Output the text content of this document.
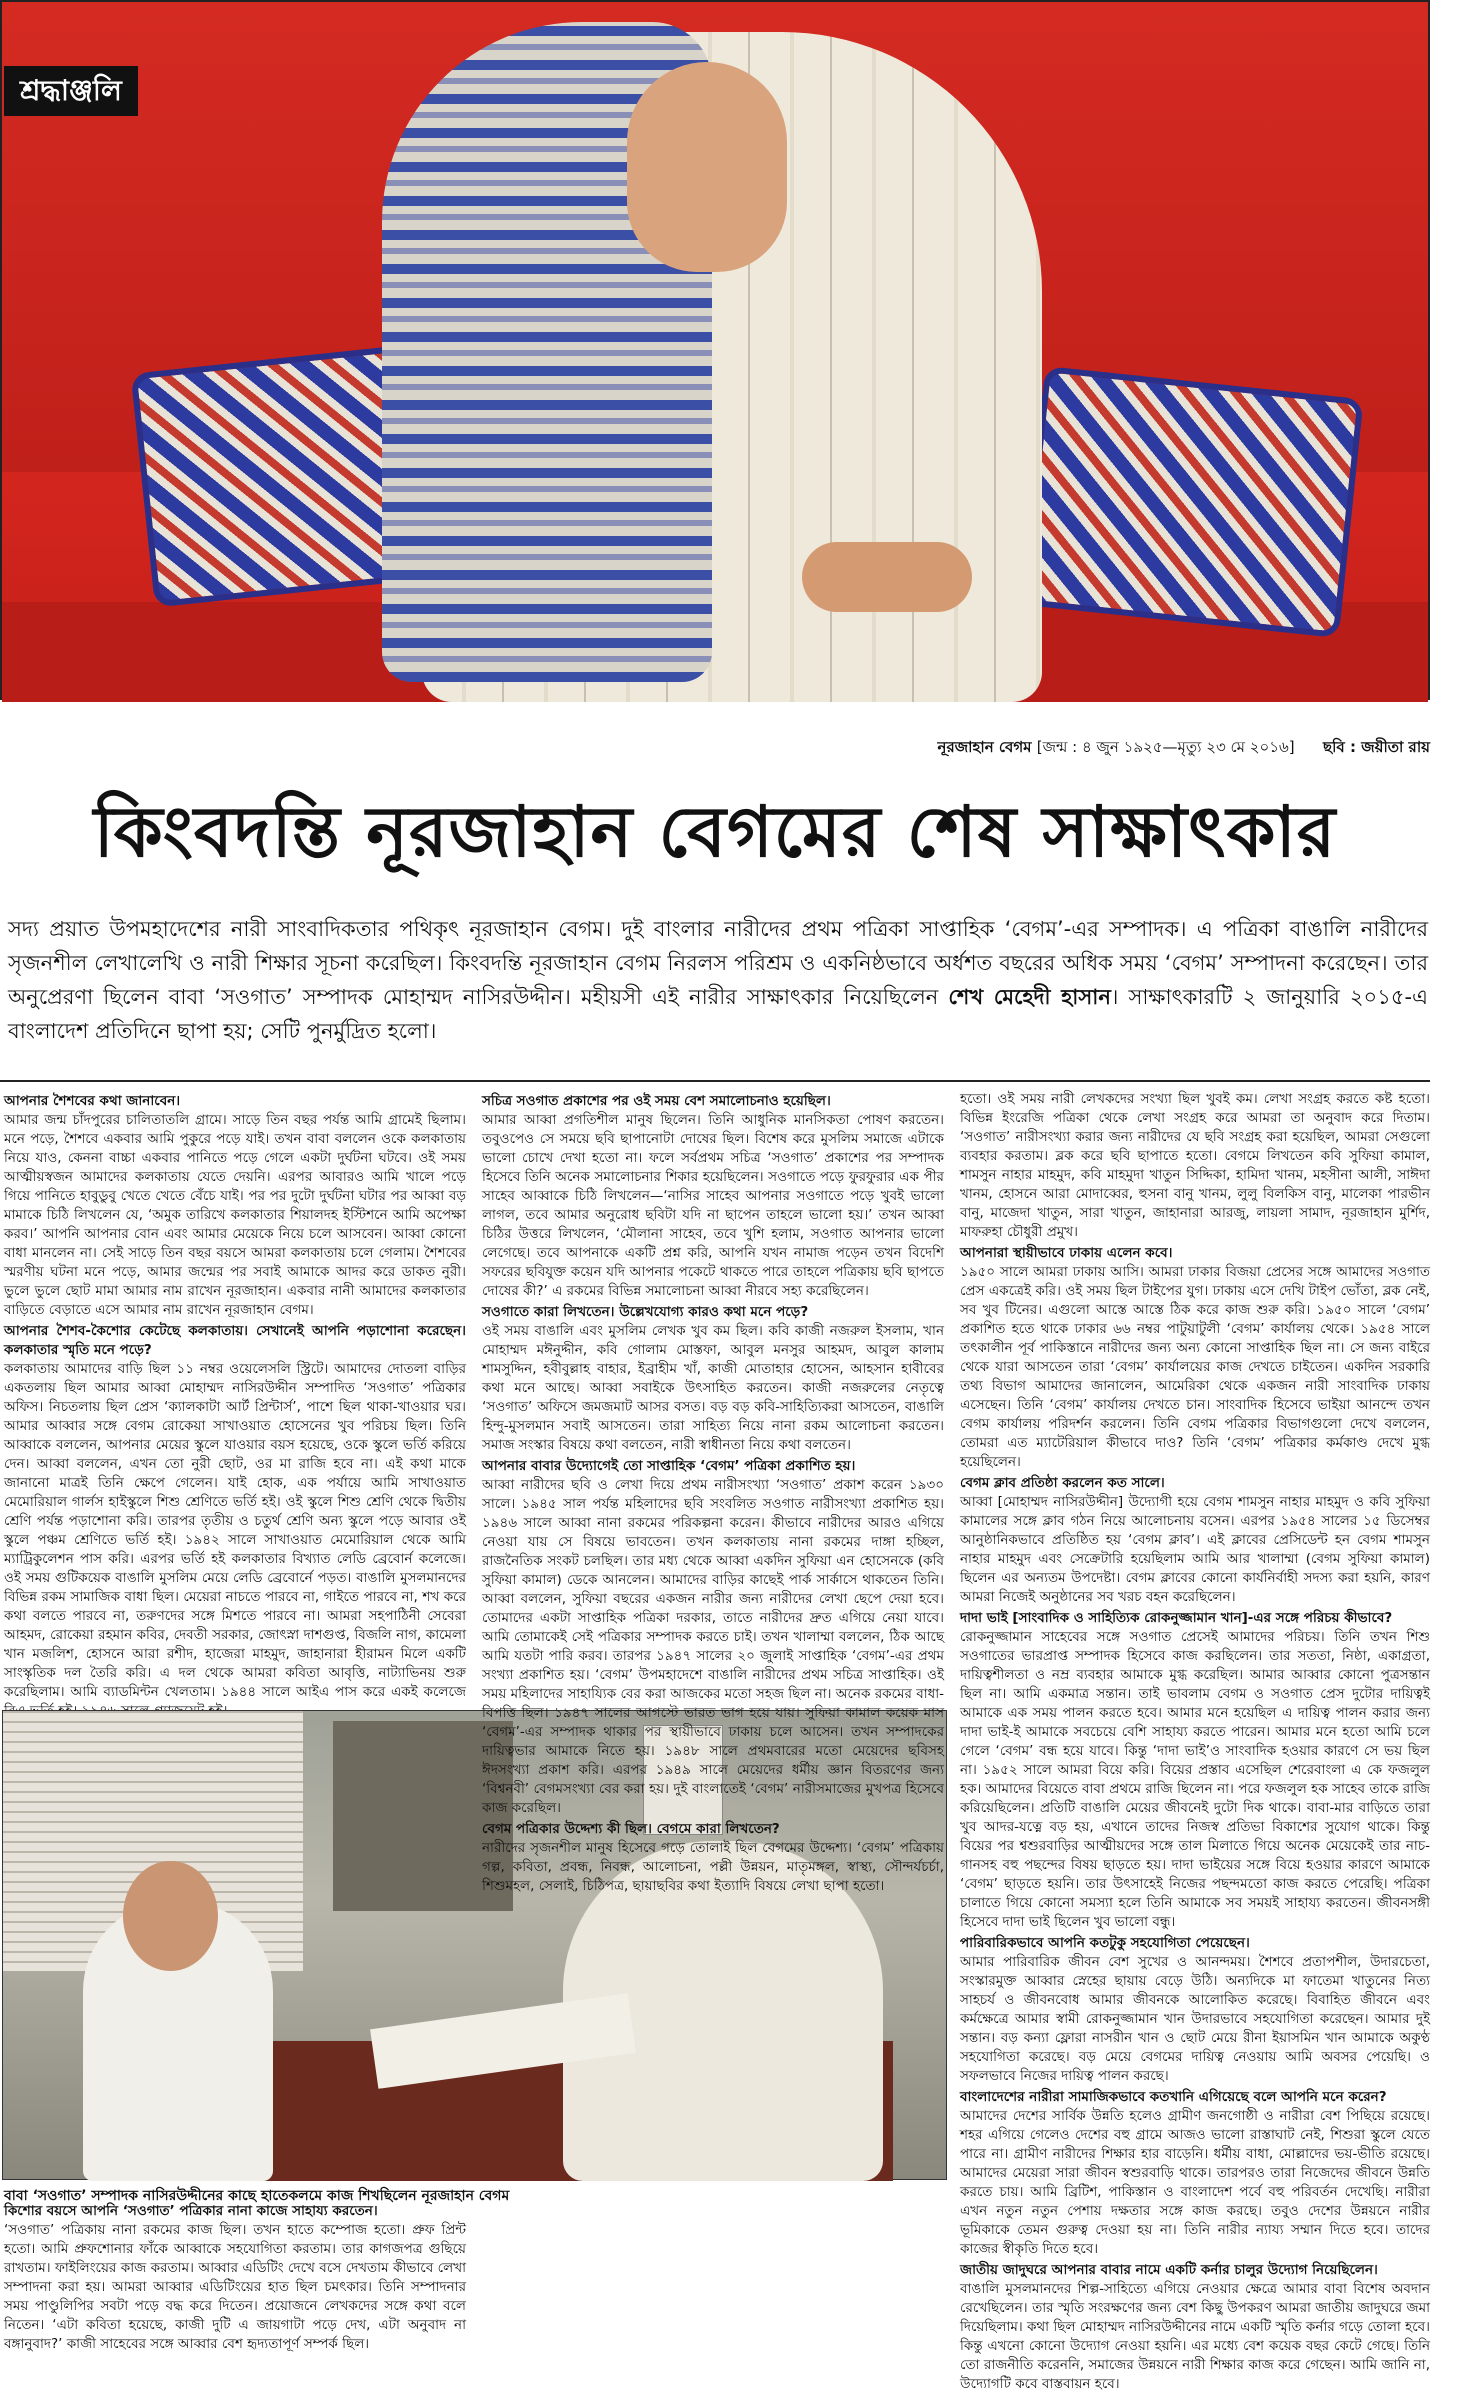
শ্রদ্ধাঞ্জলি
নূরজাহান বেগম [জন্ম : ৪ জুন ১৯২৫—মৃত্যু ২৩ মে ২০১৬] ছবি : জয়ীতা রায়
কিংবদন্তি নূরজাহান বেগমের শেষ সাক্ষাৎকার

সদ্য প্রয়াত উপমহাদেশের নারী সাংবাদিকতার পথিকৃৎ নূরজাহান বেগম। দুই বাংলার নারীদের প্রথম পত্রিকা সাপ্তাহিক ‘বেগম’-এর সম্পাদক। এ পত্রিকা বাঙালি নারীদের সৃজনশীল লেখালেখি ও নারী শিক্ষার সূচনা করেছিল। কিংবদন্তি নূরজাহান বেগম নিরলস পরিশ্রম ও একনিষ্ঠভাবে অর্ধশত বছরের অধিক সময় ‘বেগম’ সম্পাদনা করেছেন। তার অনুপ্রেরণা ছিলেন বাবা ‘সওগাত’ সম্পাদক মোহাম্মদ নাসিরউদ্দীন। মহীয়সী এই নারীর সাক্ষাৎকার নিয়েছিলেন শেখ মেহেদী হাসান। সাক্ষাৎকারটি ২ জানুয়ারি ২০১৫-এ বাংলাদেশ প্রতিদিনে ছাপা হয়; সেটি পুনর্মুদ্রিত হলো।

আপনার শৈশবের কথা জানাবেন।
আমার জন্ম চাঁদপুরের চালিতাতলি গ্রামে। সাড়ে তিন বছর পর্যন্ত আমি গ্রামেই ছিলাম। মনে পড়ে, শৈশবে একবার আমি পুকুরে পড়ে যাই। তখন বাবা বললেন ওকে কলকাতায় নিয়ে যাও, কেননা বাচ্চা একবার পানিতে পড়ে গেলে একটা দুর্ঘটনা ঘটবে। ওই সময় আত্মীয়স্বজন আমাদের কলকাতায় যেতে দেয়নি। এরপর আবারও আমি খালে পড়ে গিয়ে পানিতে হাবুডুবু খেতে খেতে বেঁচে যাই। পর পর দুটো দুর্ঘটনা ঘটার পর আব্বা বড় মামাকে চিঠি লিখলেন যে, ‘অমুক তারিখে কলকাতার শিয়ালদহ ইস্টিশনে আমি অপেক্ষা করব।’ আপনি আপনার বোন এবং আমার মেয়েকে নিয়ে চলে আসবেন। আব্বা কোনো বাধা মানলেন না। সেই সাড়ে তিন বছর বয়সে আমরা কলকাতায় চলে গেলাম। শৈশবের স্মরণীয় ঘটনা মনে পড়ে, আমার জন্মের পর সবাই আমাকে আদর করে ডাকত নুরী। ভুলে ভুলে ছোট মামা আমার নাম রাখেন নূরজাহান। একবার নানী আমাদের কলকাতার বাড়িতে বেড়াতে এসে আমার নাম রাখেন নূরজাহান বেগম।
আপনার শৈশব-কৈশোর কেটেছে কলকাতায়। সেখানেই আপনি পড়াশোনা করেছেন। কলকাতার স্মৃতি মনে পড়ে?
কলকাতায় আমাদের বাড়ি ছিল ১১ নম্বর ওয়েলেসলি স্ট্রিটে। আমাদের দোতলা বাড়ির একতলায় ছিল আমার আব্বা মোহাম্মদ নাসিরউদ্দীন সম্পাদিত ‘সওগাত’ পত্রিকার অফিস। নিচতলায় ছিল প্রেস ‘ক্যালকাটা আর্ট প্রিন্টার্স’, পাশে ছিল থাকা-খাওয়ার ঘর। আমার আব্বার সঙ্গে বেগম রোকেয়া সাখাওয়াত হোসেনের খুব পরিচয় ছিল। তিনি আব্বাকে বললেন, আপনার মেয়ের স্কুলে যাওয়ার বয়স হয়েছে, ওকে স্কুলে ভর্তি করিয়ে দেন। আব্বা বললেন, এখন তো নুরী ছোট, ওর মা রাজি হবে না। এই কথা মাকে জানানো মাত্রই তিনি ক্ষেপে গেলেন। যাই হোক, এক পর্যায়ে আমি সাখাওয়াত মেমোরিয়াল গার্লস হাইস্কুলে শিশু শ্রেণিতে ভর্তি হই। ওই স্কুলে শিশু শ্রেণি থেকে দ্বিতীয় শ্রেণি পর্যন্ত পড়াশোনা করি। তারপর তৃতীয় ও চতুর্থ শ্রেণি অন্য স্কুলে পড়ে আবার ওই স্কুলে পঞ্চম শ্রেণিতে ভর্তি হই। ১৯৪২ সালে সাখাওয়াত মেমোরিয়াল থেকে আমি ম্যাট্রিকুলেশন পাস করি। এরপর ভর্তি হই কলকাতার বিখ্যাত লেডি ব্রেবোর্ন কলেজে। ওই সময় গুটিকয়েক বাঙালি মুসলিম মেয়ে লেডি ব্রেবোর্নে পড়ত। বাঙালি মুসলমানদের বিভিন্ন রকম সামাজিক বাধা ছিল। মেয়েরা নাচতে পারবে না, গাইতে পারবে না, শখ করে কথা বলতে পারবে না, তরুণদের সঙ্গে মিশতে পারবে না। আমরা সহপাঠিনী সেবেরা আহমদ, রোকেয়া রহমান কবির, দেবতী সরকার, জোৎস্না দাশগুপ্ত, বিজলি নাগ, কামেলা খান মজলিশ, হোসনে আরা রশীদ, হাজেরা মাহমুদ, জাহানারা হীরামন মিলে একটি সাংস্কৃতিক দল তৈরি করি। এ দল থেকে আমরা কবিতা আবৃত্তি, নাট্যাভিনয় শুরু করেছিলাম। আমি ব্যাডমিন্টন খেলতাম। ১৯৪৪ সালে আইএ পাস করে একই কলেজে
বাবা ‘সওগাত’ সম্পাদক নাসিরউদ্দীনের কাছে হাতেকলমে কাজ শিখছিলেন নূরজাহান বেগম
কিশোর বয়সে আপনি ‘সওগাত’ পত্রিকার নানা কাজে সাহায্য করতেন।
‘সওগাত’ পত্রিকায় নানা রকমের কাজ ছিল। তখন হাতে কম্পোজ হতো। প্রুফ প্রিন্ট হতো। আমি প্রুফশোনার ফাঁকে আব্বাকে সহযোগিতা করতাম। তার কাগজপত্র গুছিয়ে রাখতাম। ফাইলিংয়ের কাজ করতাম। আব্বার এডিটিং দেখে বসে দেখতাম কীভাবে লেখা সম্পাদনা করা হয়। আমরা আব্বার এডিটিংয়ের হাত ছিল চমৎকার। তিনি সম্পাদনার সময় পাণ্ডুলিপির সবটা পড়ে বদ্ধ করে দিতেন। প্রয়োজনে লেখকদের সঙ্গে কথা বলে নিতেন। ‘এটা কবিতা হয়েছে, কাজী দুটি এ জায়গাটা পড়ে দেখ, এটা অনুবাদ না বঙ্গানুবাদ?’ কাজী সাহেবের সঙ্গে আব্বার বেশ হৃদ্যতাপূর্ণ সম্পর্ক ছিল।
সচিত্র সওগাত প্রকাশের পর ওই সময় বেশ সমালোচনাও হয়েছিল।
আমার আব্বা প্রগতিশীল মানুষ ছিলেন। তিনি আধুনিক মানসিকতা পোষণ করতেন। তবুওপেও সে সময়ে ছবি ছাপানোটা দোষের ছিল। বিশেষ করে মুসলিম সমাজে এটাকে ভালো চোখে দেখা হতো না। ফলে সর্বপ্রথম সচিত্র ‘সওগাত’ প্রকাশের পর সম্পাদক হিসেবে তিনি অনেক সমালোচনার শিকার হয়েছিলেন। সওগাতে পড়ে ফুরফুরার এক পীর সাহেব আব্বাকে চিঠি লিখলেন—‘নাসির সাহেব আপনার সওগাতে পড়ে খুবই ভালো লাগল, তবে আমার অনুরোধ ছবিটা যদি না ছাপেন তাহলে ভালো হয়।’ তখন আব্বা চিঠির উত্তরে লিখলেন, ‘মৌলানা সাহেব, তবে খুশি হলাম, সওগাত আপনার ভালো লেগেছে। তবে আপনাকে একটি প্রশ্ন করি, আপনি যখন নামাজ পড়েন তখন বিদেশি সফরের ছবিযুক্ত কয়েন যদি আপনার পকেটে থাকতে পারে তাহলে পত্রিকায় ছবি ছাপতে দোষের কী?’ এ রকমের বিভিন্ন সমালোচনা আব্বা নীরবে সহ্য করেছিলেন।
সওগাতে কারা লিখতেন। উল্লেখযোগ্য কারও কথা মনে পড়ে?
ওই সময় বাঙালি এবং মুসলিম লেখক খুব কম ছিল। কবি কাজী নজরুল ইসলাম, খান মোহাম্মদ মঈনুদ্দীন, কবি গোলাম মোস্তফা, আবুল মনসুর আহমদ, আবুল কালাম শামসুদ্দিন, হবীবুল্লাহ বাহার, ইব্রাহীম খাঁ, কাজী মোতাহার হোসেন, আহসান হাবীবের কথা মনে আছে। আব্বা সবাইকে উৎসাহিত করতেন। কাজী নজরুলের নেতৃত্বে ‘সওগাত’ অফিসে জমজমাট আসর বসত। বড় বড় কবি-সাহিত্যিকরা আসতেন, বাঙালি হিন্দু-মুসলমান সবাই আসতেন। তারা সাহিত্য নিয়ে নানা রকম আলোচনা করতেন। সমাজ সংস্কার বিষয়ে কথা বলতেন, নারী স্বাধীনতা নিয়ে কথা বলতেন।
আপনার বাবার উদ্যোগেই তো সাপ্তাহিক ‘বেগম’ পত্রিকা প্রকাশিত হয়।
আব্বা নারীদের ছবি ও লেখা দিয়ে প্রথম নারীসংখ্যা ‘সওগাত’ প্রকাশ করেন ১৯৩০ সালে। ১৯৪৫ সাল পর্যন্ত মহিলাদের ছবি সংবলিত সওগাত নারীসংখ্যা প্রকাশিত হয়। ১৯৪৬ সালে আব্বা নানা রকমের পরিকল্পনা করেন। কীভাবে নারীদের আরও এগিয়ে নেওয়া যায় সে বিষয়ে ভাবতেন। তখন কলকাতায় নানা রকমের দাঙ্গা হচ্ছিল, রাজনৈতিক সংকট চলছিল। তার মধ্য থেকে আব্বা একদিন সুফিয়া এন হোসেনকে (কবি সুফিয়া কামাল) ডেকে আনলেন। আমাদের বাড়ির কাছেই পার্ক সার্কাসে থাকতেন তিনি। আব্বা বললেন, সুফিয়া বছরের একজন নারীর জন্য নারীদের লেখা ছেপে দেয়া হবে। তোমাদের একটা সাপ্তাহিক পত্রিকা দরকার, তাতে নারীদের দ্রুত এগিয়ে নেয়া যাবে। আমি তোমাকেই সেই পত্রিকার সম্পাদক করতে চাই। তখন খালাম্মা বললেন, ঠিক আছে আমি যতটা পারি করব। তারপর ১৯৪৭ সালের ২০ জুলাই সাপ্তাহিক ‘বেগম’-এর প্রথম সংখ্যা প্রকাশিত হয়। ‘বেগম’ উপমহাদেশে বাঙালি নারীদের প্রথম সচিত্র সাপ্তাহিক। ওই সময় মহিলাদের সাহায্যিক বের করা আজকের মতো সহজ ছিল না। অনেক রকমের বাধা-বিপত্তি ছিল। ১৯৪৭ সালের আগস্টে ভারত ভাগ হয়ে যায়। সুফিয়া কামাল কয়েক মাস ‘বেগম’-এর সম্পাদক থাকার পর স্থায়ীভাবে ঢাকায় চলে আসেন। তখন সম্পাদকের দায়িত্বভার আমাকে নিতে হয়। ১৯৪৮ সালে প্রথমবারের মতো মেয়েদের ছবিসহ ঈদসংখ্যা প্রকাশ করি। এরপর ১৯৪৯ সালে মেয়েদের ধর্মীয় জ্ঞান বিতরণের জন্য ‘বিশ্বনবী’ বেগমসংখ্যা বের করা হয়। দুই বাংলাতেই ‘বেগম’ নারীসমাজের মুখপত্র হিসেবে কাজ করেছিল।
বেগম পত্রিকার উদ্দেশ্য কী ছিল। বেগমে কারা লিখতেন?
নারীদের সৃজনশীল মানুষ হিসেবে গড়ে তোলাই ছিল বেগমের উদ্দেশ্য। ‘বেগম’ পত্রিকায় গল্প, কবিতা, প্রবন্ধ, নিবন্ধ, আলোচনা, পল্লী উন্নয়ন, মাতৃমঙ্গল, স্বাস্থ্য, সৌন্দর্যচর্চা, শিশুমহল, সেলাই, চিঠিপত্র, ছায়াছবির কথা ইত্যাদি বিষয়ে লেখা ছাপা হতো।
হতো। ওই সময় নারী লেখকদের সংখ্যা ছিল খুবই কম। লেখা সংগ্রহ করতে কষ্ট হতো। বিভিন্ন ইংরেজি পত্রিকা থেকে লেখা সংগ্রহ করে আমরা তা অনুবাদ করে দিতাম। ‘সওগাত’ নারীসংখ্যা করার জন্য নারীদের যে ছবি সংগ্রহ করা হয়েছিল, আমরা সেগুলো ব্যবহার করতাম। ব্লক করে ছবি ছাপাতে হতো। বেগমে লিখতেন কবি সুফিয়া কামাল, শামসুন নাহার মাহমুদ, কবি মাহমুদা খাতুন সিদ্দিকা, হামিদা খানম, মহসীনা আলী, সাঈদা খানম, হোসনে আরা মোদাব্বের, হুসনা বানু খানম, লুলু বিলকিস বানু, মালেকা পারভীন বানু, মাজেদা খাতুন, সারা খাতুন, জাহানারা আরজু, লায়লা সামাদ, নূরজাহান মুর্শিদ, মাফরুহা চৌধুরী প্রমুখ।
আপনারা স্থায়ীভাবে ঢাকায় এলেন কবে।
১৯৫০ সালে আমরা ঢাকায় আসি। আমরা ঢাকার বিজয়া প্রেসের সঙ্গে আমাদের সওগাত প্রেস একত্রেই করি। ওই সময় ছিল টাইপের যুগ। ঢাকায় এসে দেখি টাইপ ভোঁতা, ব্লক নেই, সব খুব টিনের। এগুলো আস্তে আস্তে ঠিক করে কাজ শুরু করি। ১৯৫০ সালে ‘বেগম’ প্রকাশিত হতে থাকে ঢাকার ৬৬ নম্বর পাটুয়াটুলী ‘বেগম’ কার্যালয় থেকে। ১৯৫৪ সালে তৎকালীন পূর্ব পাকিস্তানে নারীদের জন্য অন্য কোনো সাপ্তাহিক ছিল না। সে জন্য বাইরে থেকে যারা আসতেন তারা ‘বেগম’ কার্যালয়ের কাজ দেখতে চাইতেন। একদিন সরকারি তথ্য বিভাগ আমাদের জানালেন, আমেরিকা থেকে একজন নারী সাংবাদিক ঢাকায় এসেছেন। তিনি ‘বেগম’ কার্যালয় দেখতে চান। সাংবাদিক হিসেবে ভাইয়া আনন্দে তখন বেগম কার্যালয় পরিদর্শন করলেন। তিনি বেগম পত্রিকার বিভাগগুলো দেখে বললেন, তোমরা এত ম্যাটেরিয়াল কীভাবে দাও? তিনি ‘বেগম’ পত্রিকার কর্মকাণ্ড দেখে মুগ্ধ হয়েছিলেন।
বেগম ক্লাব প্রতিষ্ঠা করলেন কত সালে।
আব্বা [মোহাম্মদ নাসিরউদ্দীন] উদ্যোগী হয়ে বেগম শামসুন নাহার মাহমুদ ও কবি সুফিয়া কামালের সঙ্গে ক্লাব গঠন নিয়ে আলোচনায় বসেন। এরপর ১৯৫৪ সালের ১৫ ডিসেম্বর আনুষ্ঠানিকভাবে প্রতিষ্ঠিত হয় ‘বেগম ক্লাব’। এই ক্লাবের প্রেসিডেন্ট হন বেগম শামসুন নাহার মাহমুদ এবং সেক্রেটারি হয়েছিলাম আমি আর খালাম্মা (বেগম সুফিয়া কামাল) ছিলেন এর অন্যতম উপদেষ্টা। বেগম ক্লাবের কোনো কার্যনির্বাহী সদস্য করা হয়নি, কারণ আমরা নিজেই অনুষ্ঠানের সব খরচ বহন করেছিলেন।
দাদা ভাই [সাংবাদিক ও সাহিত্যিক রোকনুজ্জামান খান]-এর সঙ্গে পরিচয় কীভাবে?
রোকনুজ্জামান সাহেবের সঙ্গে সওগাত প্রেসেই আমাদের পরিচয়। তিনি তখন শিশু সওগাতের ভারপ্রাপ্ত সম্পাদক হিসেবে কাজ করছিলেন। তার সততা, নিষ্ঠা, একাগ্রতা, দায়িত্বশীলতা ও নম্র ব্যবহার আমাকে মুগ্ধ করেছিল। আমার আব্বার কোনো পুত্রসন্তান ছিল না। আমি একমাত্র সন্তান। তাই ভাবলাম বেগম ও সওগাত প্রেস দুটোর দায়িত্বই আমাকে এক সময় পালন করতে হবে। আমার মনে হয়েছিল এ দায়িত্ব পালন করার জন্য দাদা ভাই-ই আমাকে সবচেয়ে বেশি সাহায্য করতে পারেন। আমার মনে হতো আমি চলে গেলে ‘বেগম’ বন্ধ হয়ে যাবে। কিন্তু ‘দাদা ভাই’ও সাংবাদিক হওয়ার কারণে সে ভয় ছিল না। ১৯৫২ সালে আমরা বিয়ে করি। বিয়ের প্রস্তাব এসেছিল শেরেবাংলা এ কে ফজলুল হক। আমাদের বিয়েতে বাবা প্রথমে রাজি ছিলেন না। পরে ফজলুল হক সাহেব তাকে রাজি করিয়েছিলেন। প্রতিটি বাঙালি মেয়ের জীবনেই দুটো দিক থাকে। বাবা-মার বাড়িতে তারা খুব আদর-যত্নে বড় হয়, এখানে তাদের নিজস্ব প্রতিভা বিকাশের সুযোগ থাকে। কিন্তু বিয়ের পর শ্বশুরবাড়ির আত্মীয়দের সঙ্গে তাল মিলাতে গিয়ে অনেক মেয়েকেই তার নাচ-গানসহ বহু পছন্দের বিষয় ছাড়তে হয়। দাদা ভাইয়ের সঙ্গে বিয়ে হওয়ার কারণে আমাকে ‘বেগম’ ছাড়তে হয়নি। তার উৎসাহেই নিজের পছন্দমতো কাজ করতে পেরেছি। পত্রিকা চালাতে গিয়ে কোনো সমস্যা হলে তিনি আমাকে সব সময়ই সাহায্য করতেন। জীবনসঙ্গী হিসেবে দাদা ভাই ছিলেন খুব ভালো বন্ধু।
পারিবারিকভাবে আপনি কতটুকু সহযোগিতা পেয়েছেন।
আমার পারিবারিক জীবন বেশ সুখের ও আনন্দময়। শৈশবে প্রতাপশীল, উদারচেতা, সংস্কারমুক্ত আব্বার স্নেহের ছায়ায় বেড়ে উঠি। অন্যদিকে মা ফাতেমা খাতুনের নিত্য সাহচর্য ও জীবনবোধ আমার জীবনকে আলোকিত করেছে। বিবাহিত জীবনে এবং কর্মক্ষেত্রে আমার স্বামী রোকনুজ্জামান খান উদারভাবে সহযোগিতা করেছেন। আমার দুই সন্তান। বড় কন্যা ফ্লোরা নাসরীন খান ও ছোট মেয়ে রীনা ইয়াসমিন খান আমাকে অকুণ্ঠ সহযোগিতা করেছে। বড় মেয়ে বেগমের দায়িত্ব নেওয়ায় আমি অবসর পেয়েছি। ও সফলভাবে নিজের দায়িত্ব পালন করছে।
বাংলাদেশের নারীরা সামাজিকভাবে কতখানি এগিয়েছে বলে আপনি মনে করেন?
আমাদের দেশের সার্বিক উন্নতি হলেও গ্রামীণ জনগোষ্ঠী ও নারীরা বেশ পিছিয়ে রয়েছে। শহর এগিয়ে গেলেও দেশের বহু গ্রামে আজও ভালো রাস্তাঘাট নেই, শিশুরা স্কুলে যেতে পারে না। গ্রামীণ নারীদের শিক্ষার হার বাড়েনি। ধর্মীয় বাধা, মোল্লাদের ভয়-ভীতি রয়েছে। আমাদের মেয়েরা সারা জীবন স্বশুরবাড়ি থাকে। তারপরও তারা নিজেদের জীবনে উন্নতি করতে চায়। আমি ব্রিটিশ, পাকিস্তান ও বাংলাদেশ পর্বে বহু পরিবর্তন দেখেছি। নারীরা এখন নতুন নতুন পেশায় দক্ষতার সঙ্গে কাজ করছে। তবুও দেশের উন্নয়নে নারীর ভূমিকাকে তেমন গুরুত্ব দেওয়া হয় না। তিনি নারীর ন্যায্য সম্মান দিতে হবে। তাদের কাজের স্বীকৃতি দিতে হবে।
জাতীয় জাদুঘরে আপনার বাবার নামে একটি কর্নার চালুর উদ্যোগ নিয়েছিলেন।
বাঙালি মুসলমানদের শিল্প-সাহিত্যে এগিয়ে নেওয়ার ক্ষেত্রে আমার বাবা বিশেষ অবদান রেখেছিলেন। তার স্মৃতি সংরক্ষণের জন্য বেশ কিছু উপকরণ আমরা জাতীয় জাদুঘরে জমা দিয়েছিলাম। কথা ছিল মোহাম্মদ নাসিরউদ্দীনের নামে একটি স্মৃতি কর্নার গড়ে তোলা হবে। কিন্তু এখনো কোনো উদ্যোগ নেওয়া হয়নি। এর মধ্যে বেশ কয়েক বছর কেটে গেছে। তিনি তো রাজনীতি করেননি, সমাজের উন্নয়নে নারী শিক্ষার কাজ করে গেছেন। আমি জানি না, উদ্যোগটি কবে বাস্তবায়ন হবে।
